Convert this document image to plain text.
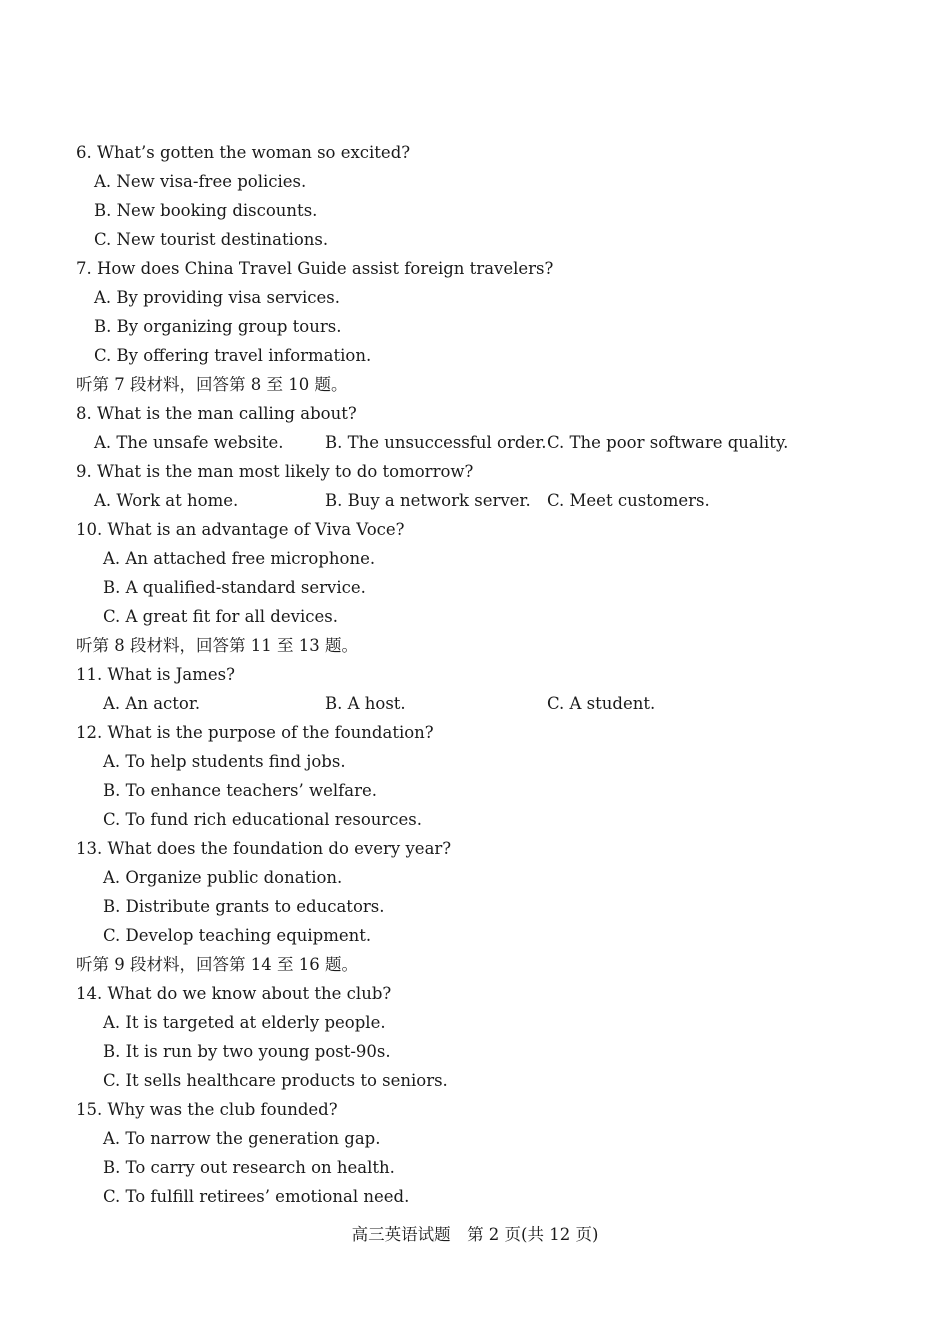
6. What’s gotten the woman so excited?
A. New visa-free policies.
B. New booking discounts.
C. New tourist destinations.
7. How does China Travel Guide assist foreign travelers?
A. By providing visa services.
B. By organizing group tours.
C. By offering travel information.
听第 7 段材料，回答第 8 至 10 题。
8. What is the man calling about?
A. The unsafe website.	B. The unsuccessful order. C. The poor software quality.
9. What is the man most likely to do tomorrow?
A. Work at home.	B. Buy a network server. C. Meet customers.
10. What is an advantage of Viva Voce?
A. An attached free microphone.
B. A qualified-standard service.
C. A great fit for all devices.
听第 8 段材料，回答第 11 至 13 题。
11. What is James?
A. An actor.	B. A host.	C. A student.
12. What is the purpose of the foundation?
A. To help students find jobs.
B. To enhance teachers’ welfare.
C. To fund rich educational resources.
13. What does the foundation do every year?
A. Organize public donation.
B. Distribute grants to educators.
C. Develop teaching equipment.
听第 9 段材料，回答第 14 至 16 题。
14. What do we know about the club?
A. It is targeted at elderly people.
B. It is run by two young post-90s.
C. It sells healthcare products to seniors.
15. Why was the club founded?
A. To narrow the generation gap.
B. To carry out research on health.
C. To fulfill retirees’ emotional need.
高三英语试题　第 2 页(共 12 页)
